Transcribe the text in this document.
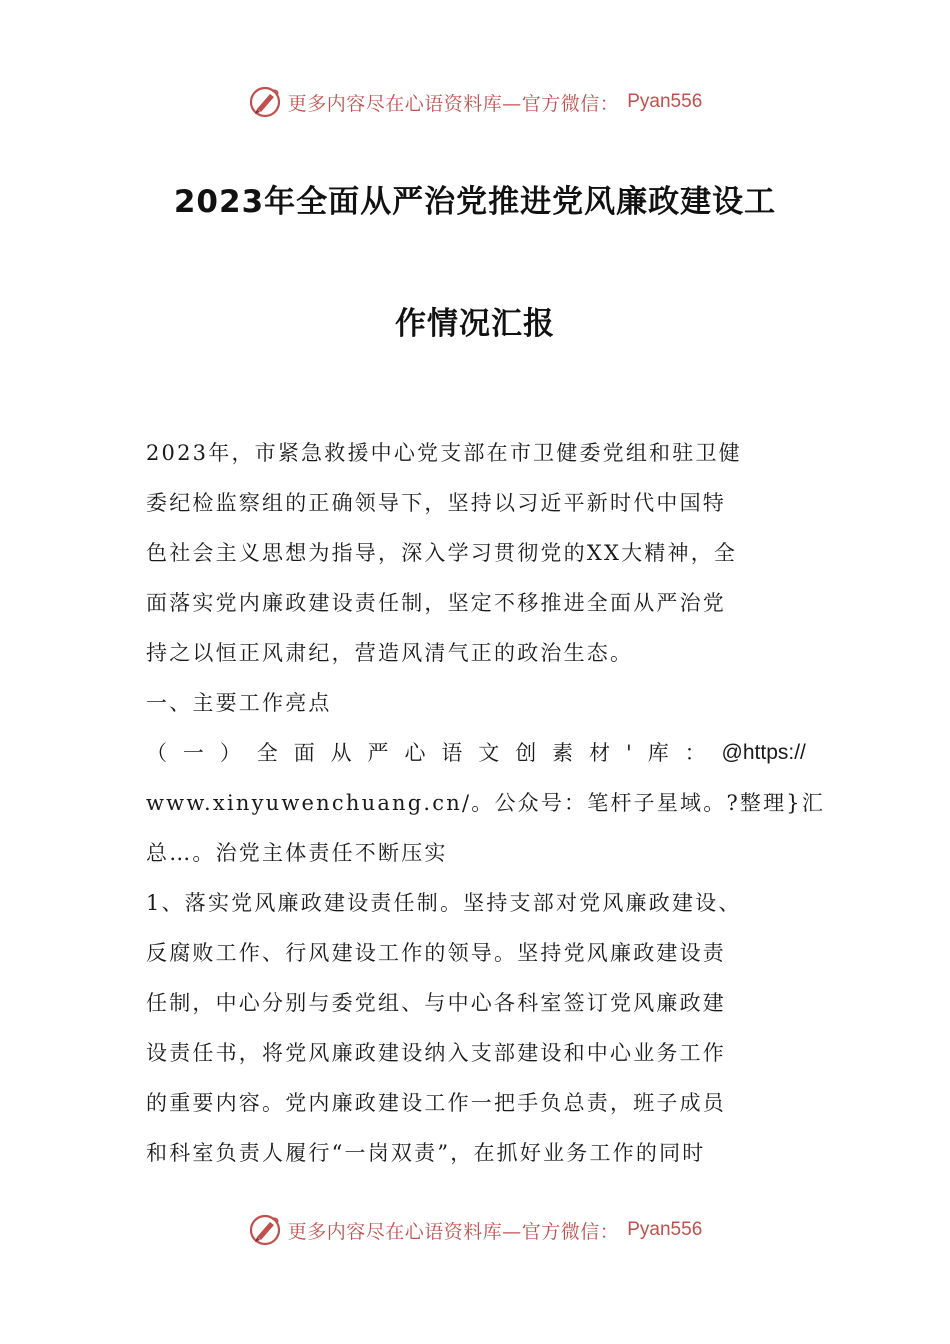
更多内容尽在心语资料库—官方微信： Pyan556
2023年全面从严治党推进党风廉政建设工
作情况汇报
2023年，市紧急救援中心党支部在市卫健委党组和驻卫健
委纪检监察组的正确领导下，坚持以习近平新时代中国特
色社会主义思想为指导，深入学习贯彻党的XX大精神，全
面落实党内廉政建设责任制，坚定不移推进全面从严治党
持之以恒正风肃纪，营造风清气正的政治生态。
一、主要工作亮点
（ 一 ） 全 面 从 严 心 语 文 创 素 材 ' 库 ： @https://
www.xinyuwenchuang.cn/。公众号：笔杆子星域。?整理}汇
总…。治党主体责任不断压实
1、落实党风廉政建设责任制。坚持支部对党风廉政建设、
反腐败工作、行风建设工作的领导。坚持党风廉政建设责
任制，中心分别与委党组、与中心各科室签订党风廉政建
设责任书，将党风廉政建设纳入支部建设和中心业务工作
的重要内容。党内廉政建设工作一把手负总责，班子成员
和科室负责人履行“一岗双责”，在抓好业务工作的同时
更多内容尽在心语资料库—官方微信： Pyan556
